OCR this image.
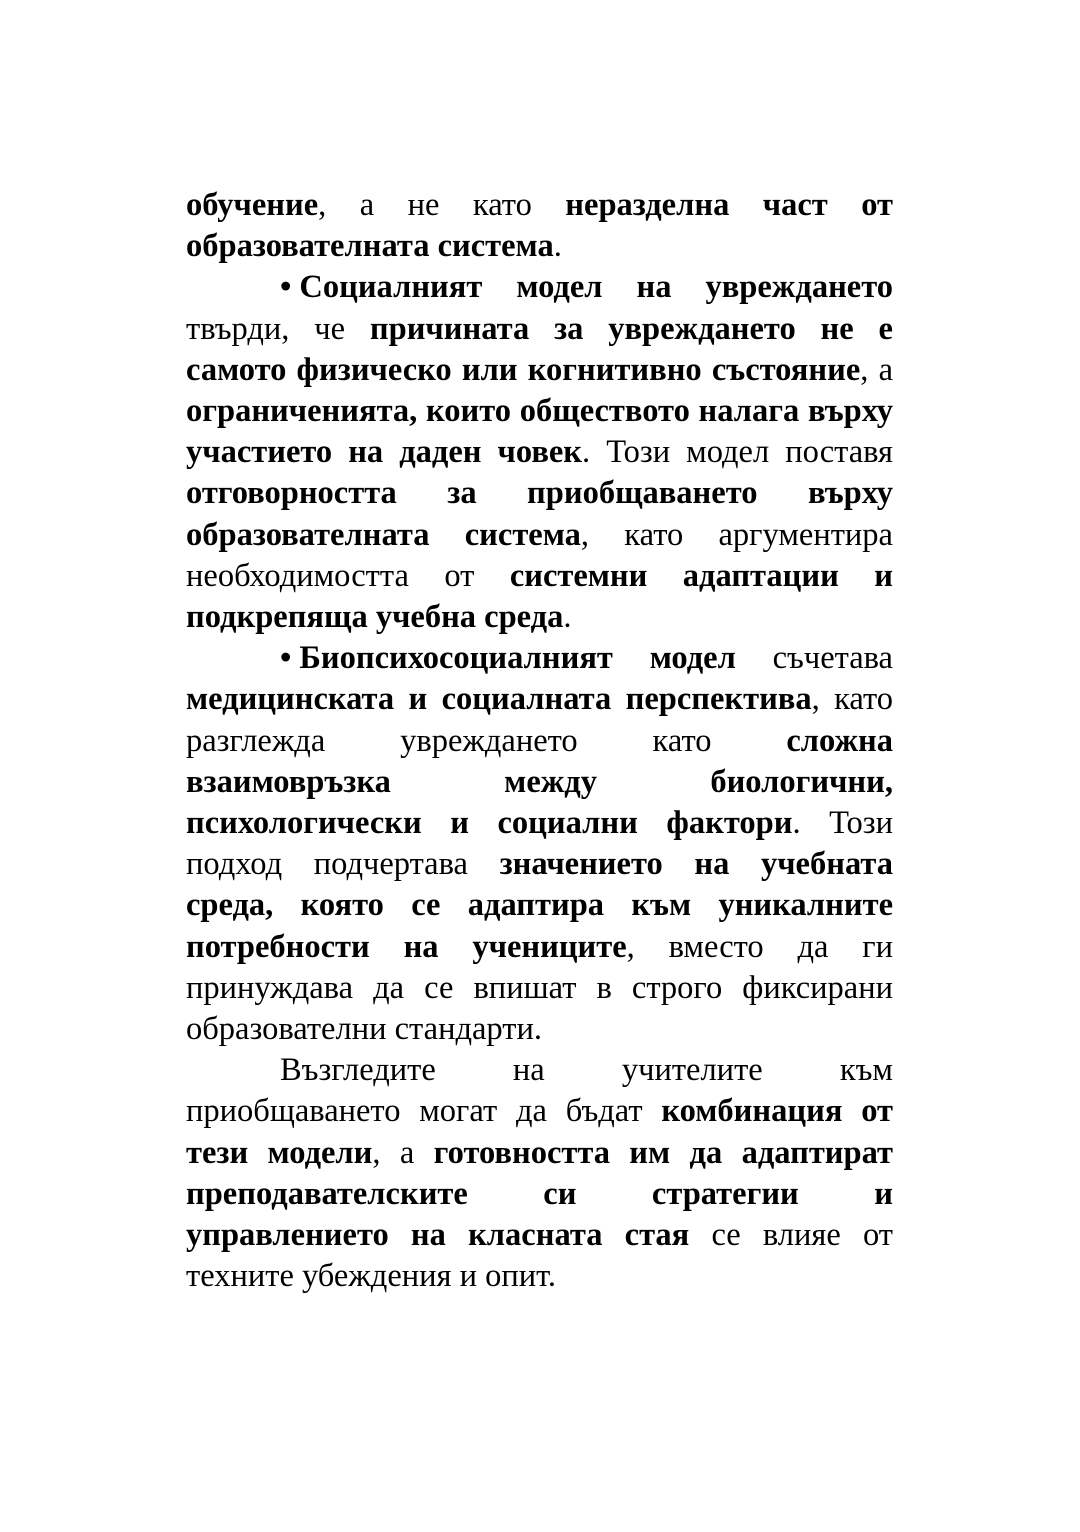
обучение, а не като неразделна част от образователната система.

• Социалният модел на увреждането твърди, че причината за увреждането не е самото физическо или когнитивно състояние, а ограниченията, които обществото налага върху участието на даден човек. Този модел поставя отговорността за приобщаването върху образователната система, като аргументира необходимостта от системни адаптации и подкрепяща учебна среда.

• Биопсихосоциалният модел съчетава медицинската и социалната перспектива, като разглежда увреждането като сложна взаимовръзка между биологични, психологически и социални фактори. Този подход подчертава значението на учебната среда, която се адаптира към уникалните потребности на учениците, вместо да ги принуждава да се впишат в строго фиксирани образователни стандарти.

Възгледите на учителите към приобщаването могат да бъдат комбинация от тези модели, а готовността им да адаптират преподавателските си стратегии и управлението на класната стая се влияе от техните убеждения и опит.
